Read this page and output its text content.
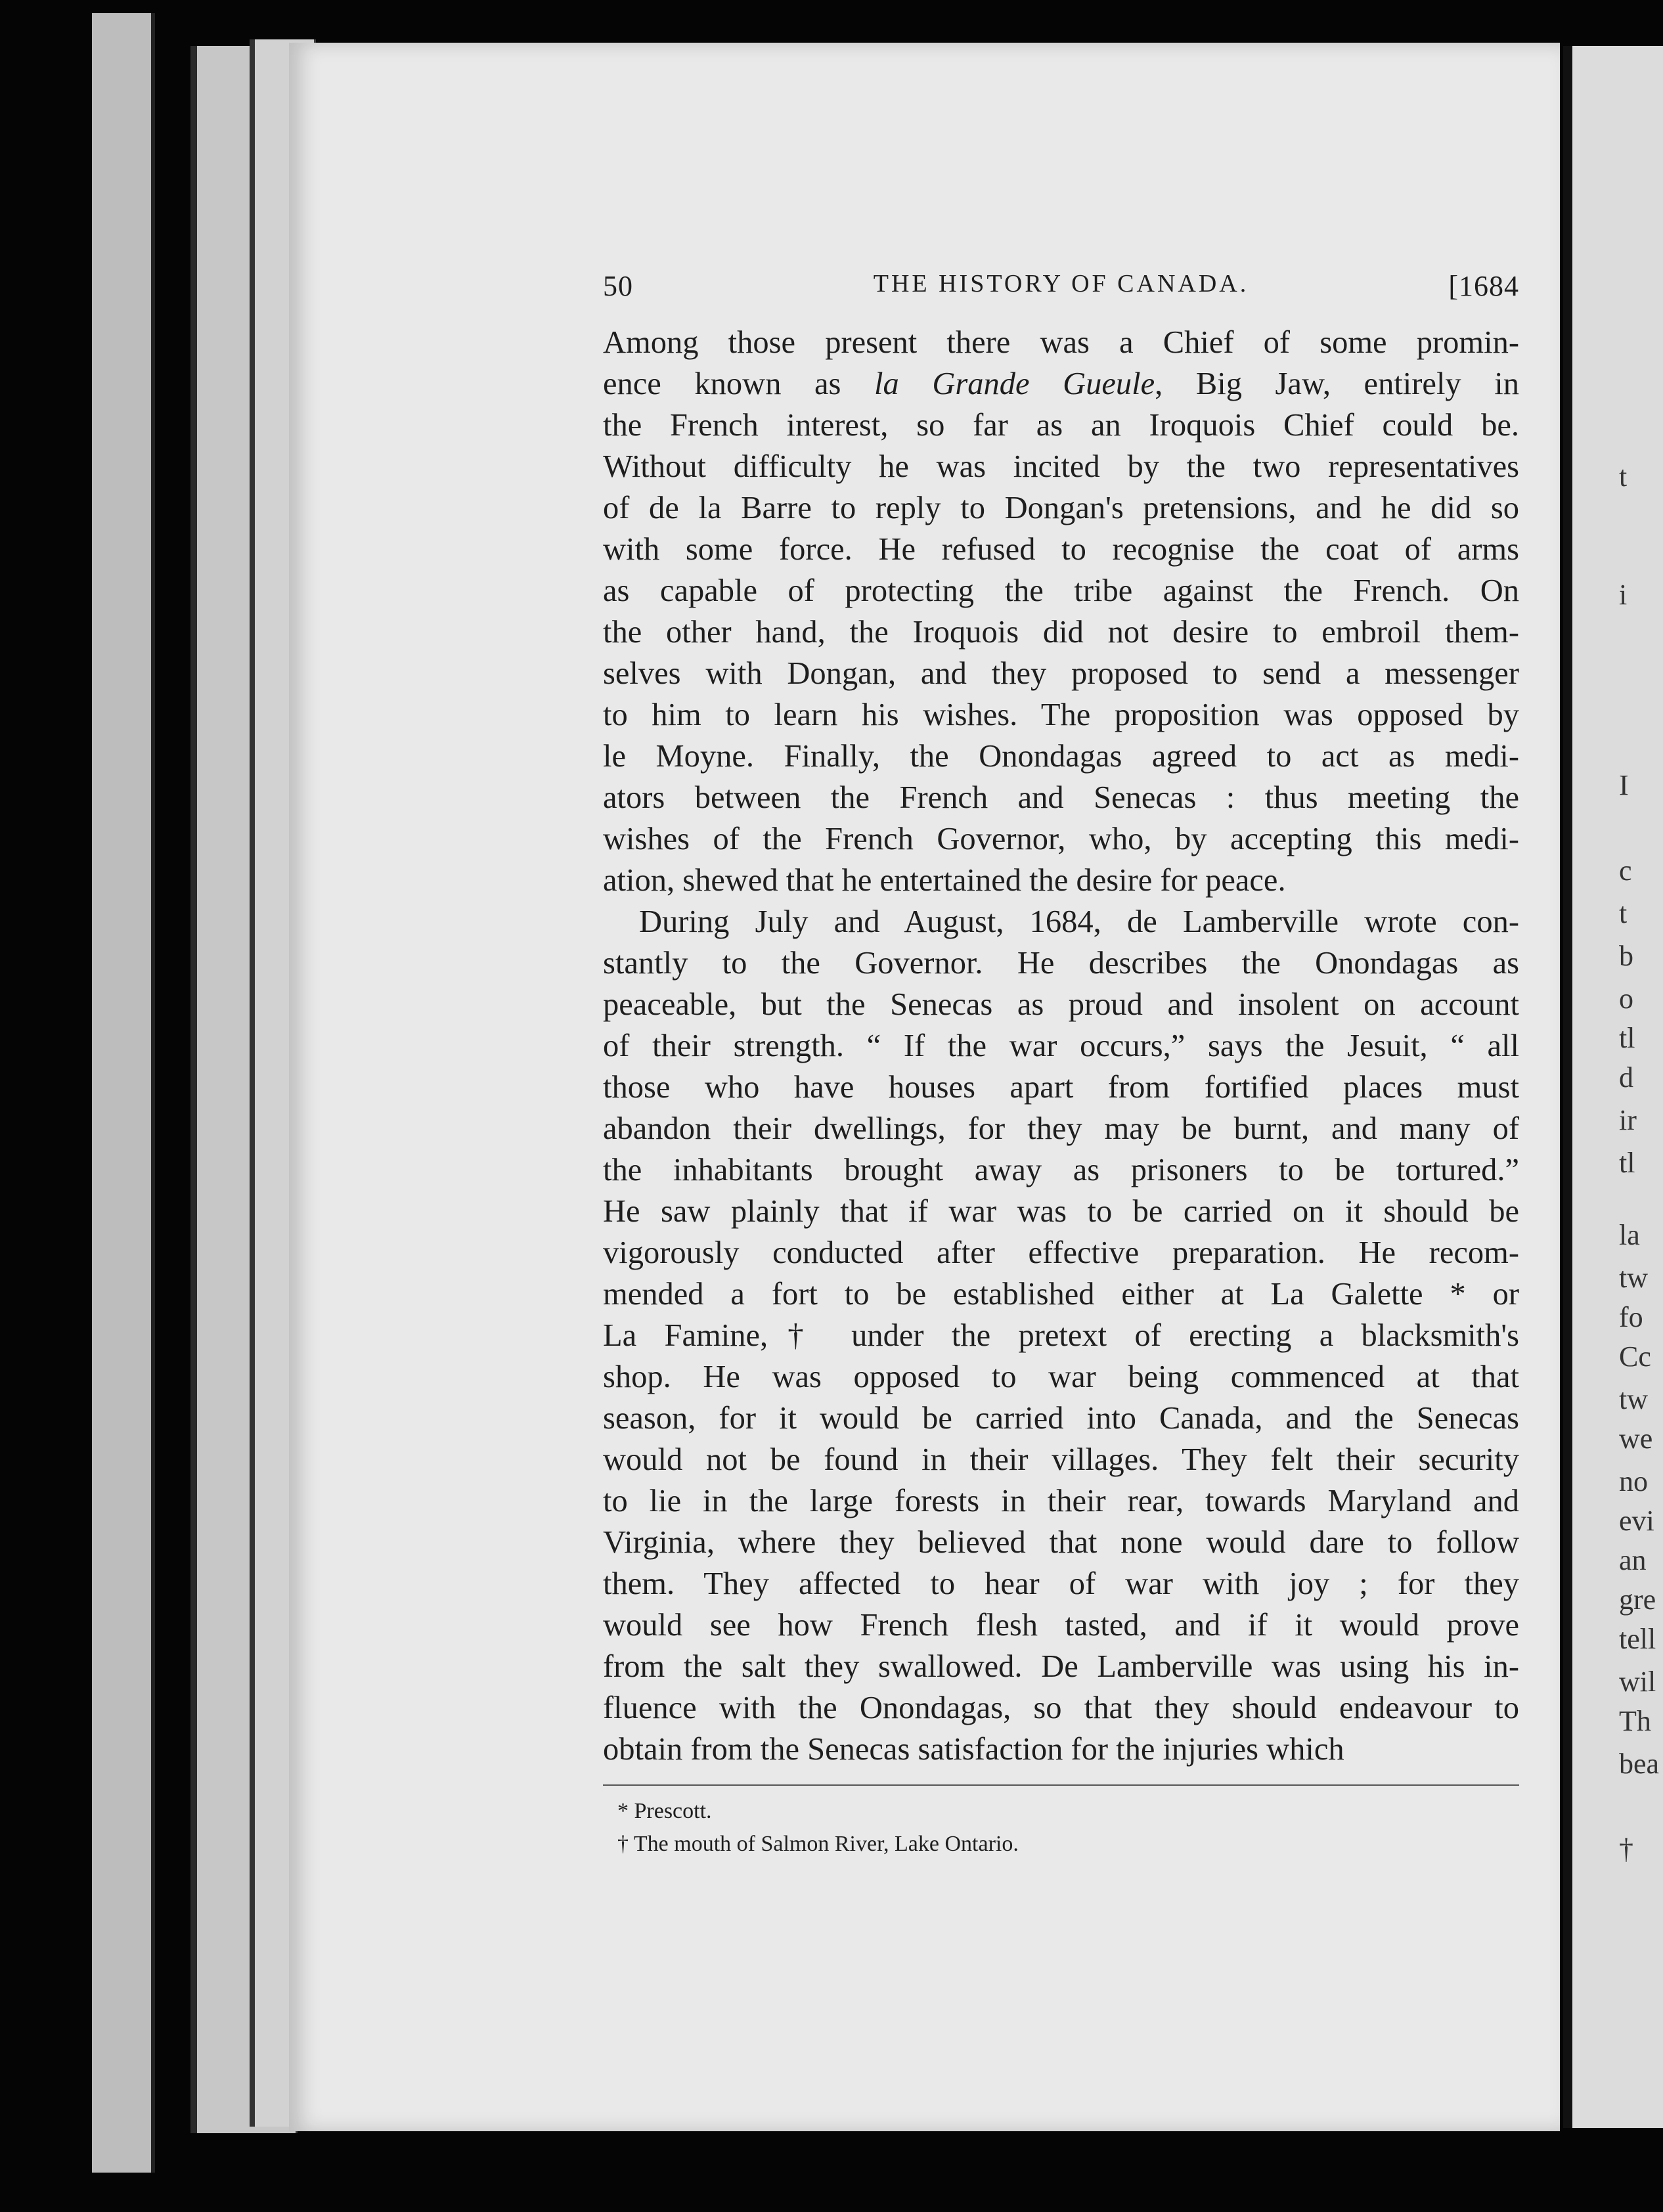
t
i
I
c
t
b
o
tl
d
ir
tl
la
tw
fo
Cc
tw
we
no
evi
an
gre
tell
wil
Th
bea
†
50	THE HISTORY OF CANADA.	[1684
Among those present there was a Chief of some promin-
ence known as la Grande Gueule, Big Jaw, entirely in
the French interest, so far as an Iroquois Chief could be.
Without difficulty he was incited by the two representatives
of de la Barre to reply to Dongan's pretensions, and he did so
with some force. He refused to recognise the coat of arms
as capable of protecting the tribe against the French. On
the other hand, the Iroquois did not desire to embroil them-
selves with Dongan, and they proposed to send a messenger
to him to learn his wishes. The proposition was opposed by
le Moyne. Finally, the Onondagas agreed to act as medi-
ators between the French and Senecas : thus meeting the
wishes of the French Governor, who, by accepting this medi-
ation, shewed that he entertained the desire for peace.
During July and August, 1684, de Lamberville wrote con-
stantly to the Governor. He describes the Onondagas as
peaceable, but the Senecas as proud and insolent on account
of their strength. “ If the war occurs,” says the Jesuit, “ all
those who have houses apart from fortified places must
abandon their dwellings, for they may be burnt, and many of
the inhabitants brought away as prisoners to be tortured.”
He saw plainly that if war was to be carried on it should be
vigorously conducted after effective preparation. He recom-
mended a fort to be established either at La Galette * or
La Famine,† under the pretext of erecting a blacksmith's
shop. He was opposed to war being commenced at that
season, for it would be carried into Canada, and the Senecas
would not be found in their villages. They felt their security
to lie in the large forests in their rear, towards Maryland and
Virginia, where they believed that none would dare to follow
them. They affected to hear of war with joy ; for they
would see how French flesh tasted, and if it would prove
from the salt they swallowed. De Lamberville was using his in-
fluence with the Onondagas, so that they should endeavour to
obtain from the Senecas satisfaction for the injuries which
* Prescott.
† The mouth of Salmon River, Lake Ontario.
